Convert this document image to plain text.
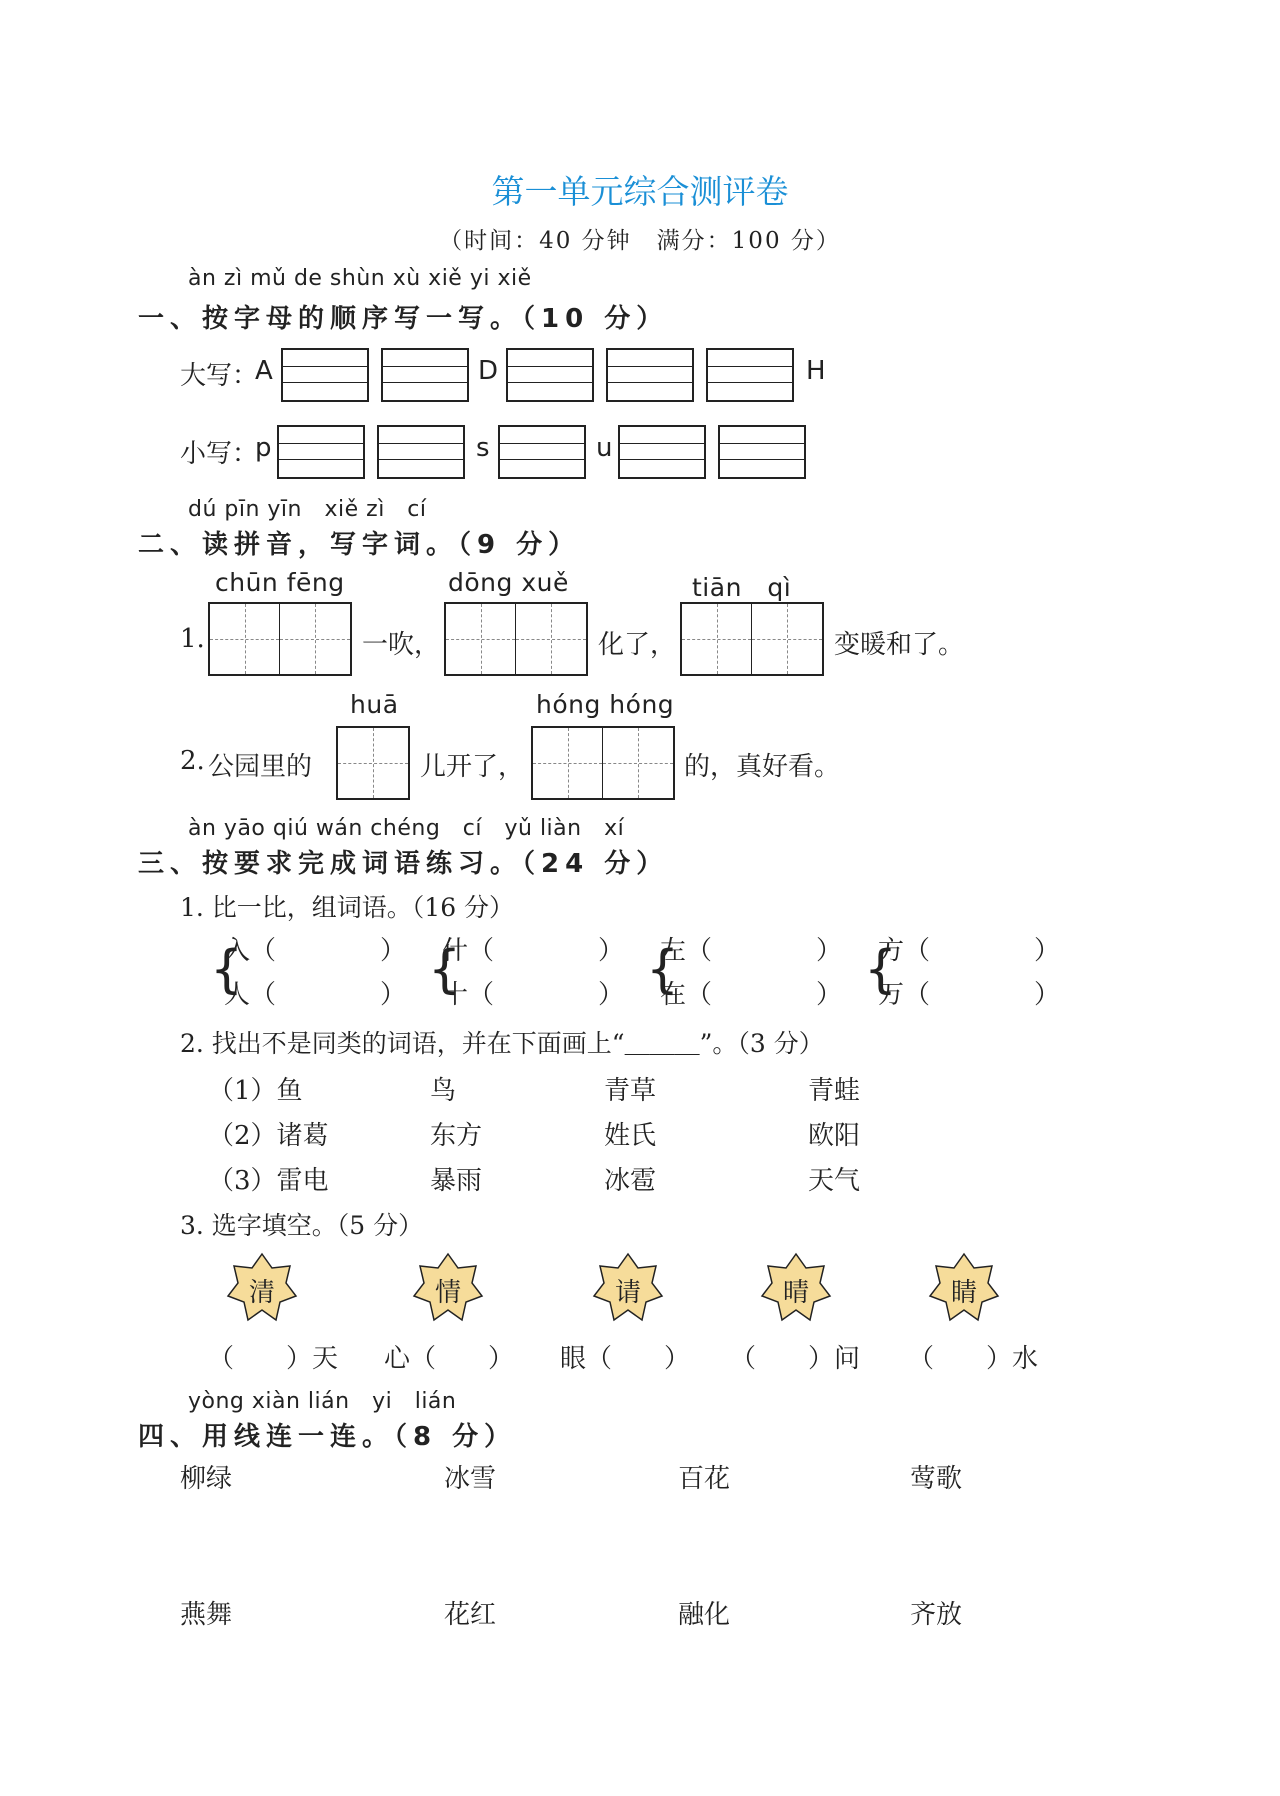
第一单元综合测评卷
（时间：40 分钟　满分：100 分）
àn zì mǔ de shùn xù xiě yi xiě
一、按字母的顺序写一写。（10 分）
大写：
A	D	H
小写：
p	s	u
dú pīn yīn　xiě zì　cí
二、读拼音，写字词。（9 分）
chūn fēng	dōng xuě	tiān　qì
1.	一吹，	化了，	变暖和了。
huā	hóng hóng
2. 公园里的	儿开了，	的，真好看。
àn yāo qiú wán chéng　cí　yǔ liàn　xí
三、按要求完成词语练习。（24 分）
1. 比一比，组词语。（16 分）
{
入（　　　　）
人（　　　　） {
什（　　　　）
十（　　　　） {
左（　　　　）
在（　　　　） {
方（　　　　）
万（　　　　）
2. 找出不是同类的词语，并在下面画上“＿＿＿”。（3 分）
（1）鱼	鸟	青草	青蛙
（2）诸葛	东方	姓氏	欧阳
（3）雷电	暴雨	冰雹	天气
3. 选字填空。（5 分）
清	情	请	晴	睛
（　　）天 心（　　） 眼（　　） （　　）问 （　　）水
yòng xiàn lián　yi　lián
四、用线连一连。（8 分）
柳绿	冰雪	百花	莺歌
燕舞	花红	融化	齐放
